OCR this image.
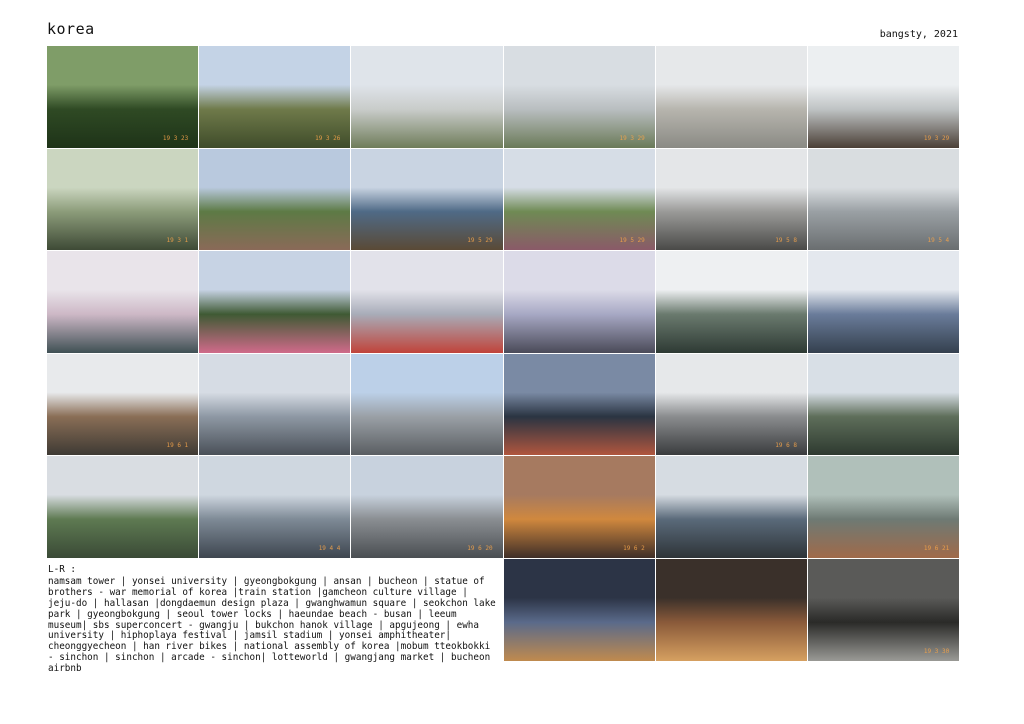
korea	bangsty, 2021
19 3 23	19 3 26	19 3 29	19 3 29
19 3 1	19 5 29	19 5 29	19 5 8	19 5 4
19 6 1	19 6 8
19 4 4	19 6 20	19 6 2	19 6 21
19 3 30
L-R :
namsam tower | yonsei university | gyeongbokgung | ansan | bucheon | statue of brothers - war memorial of korea |train station |gamcheon culture village | jeju-do | hallasan |dongdaemun design plaza | gwanghwamun square | seokchon lake park | gyeongbokgung | seoul tower locks | haeundae beach - busan | leeum museum| sbs superconcert - gwangju | bukchon hanok village | apgujeong | ewha university | hiphoplaya festival | jamsil stadium | yonsei amphitheater| cheonggyecheon | han river bikes | national assembly of korea |mobum tteokbokki - sinchon | sinchon | arcade - sinchon| lotteworld | gwangjang market | bucheon airbnb
